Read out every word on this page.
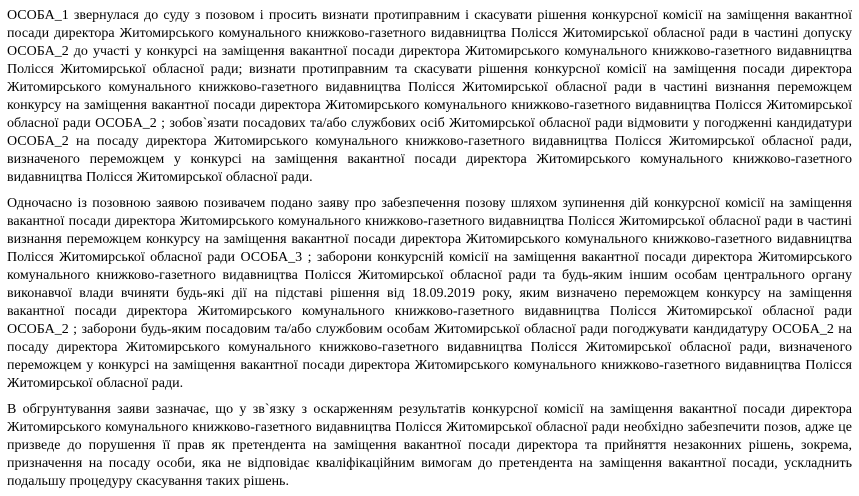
ОСОБА_1 звернулася до суду з позовом і просить визнати протиправним і скасувати рішення конкурсної комісії на заміщення вакантної посади директора Житомирського комунального книжково-газетного видавництва Полісся Житомирської обласної ради в частині допуску ОСОБА_2 до участі у конкурсі на заміщення вакантної посади директора Житомирського комунального книжково-газетного видавництва Полісся Житомирської обласної ради; визнати протиправним та скасувати рішення конкурсної комісії на заміщення посади директора Житомирського комунального книжково-газетного видавництва Полісся Житомирської обласної ради в частині визнання переможцем конкурсу на заміщення вакантної посади директора Житомирського комунального книжково-газетного видавництва Полісся Житомирської обласної ради ОСОБА_2 ; зобов`язати посадових та/або службових осіб Житомирської обласної ради відмовити у погодженні кандидатури ОСОБА_2 на посаду директора Житомирського комунального книжково-газетного видавництва Полісся Житомирської обласної ради, визначеного переможцем у конкурсі на заміщення вакантної посади директора Житомирського комунального книжково-газетного видавництва Полісся Житомирської обласної ради.

Одночасно із позовною заявою позивачем подано заяву про забезпечення позову шляхом зупинення дій конкурсної комісії на заміщення вакантної посади директора Житомирського комунального книжково-газетного видавництва Полісся Житомирської обласної ради в частині визнання переможцем конкурсу на заміщення вакантної посади директора Житомирського комунального книжково-газетного видавництва Полісся Житомирської обласної ради ОСОБА_3 ; заборони конкурсній комісії на заміщення вакантної посади директора Житомирського комунального книжково-газетного видавництва Полісся Житомирської обласної ради та будь-яким іншим особам центрального органу виконавчої влади вчиняти будь-які дії на підставі рішення від 18.09.2019 року, яким визначено переможцем конкурсу на заміщення вакантної посади директора Житомирського комунального книжково-газетного видавництва Полісся Житомирської обласної ради ОСОБА_2 ; заборони будь-яким посадовим та/або службовим особам Житомирської обласної ради погоджувати кандидатуру ОСОБА_2 на посаду директора Житомирського комунального книжково-газетного видавництва Полісся Житомирської обласної ради, визначеного переможцем у конкурсі на заміщення вакантної посади директора Житомирського комунального книжково-газетного видавництва Полісся Житомирської обласної ради.

В обгрунтування заяви зазначає, що у зв`язку з оскарженням результатів конкурсної комісії на заміщення вакантної посади директора Житомирського комунального книжково-газетного видавництва Полісся Житомирської обласної ради необхідно забезпечити позов, адже це призведе до порушення її прав як претендента на заміщення вакантної посади директора та прийняття незаконних рішень, зокрема, призначення на посаду особи, яка не відповідає кваліфікаційним вимогам до претендента на заміщення вакантної посади, ускладнить подальшу процедуру скасування таких рішень.
